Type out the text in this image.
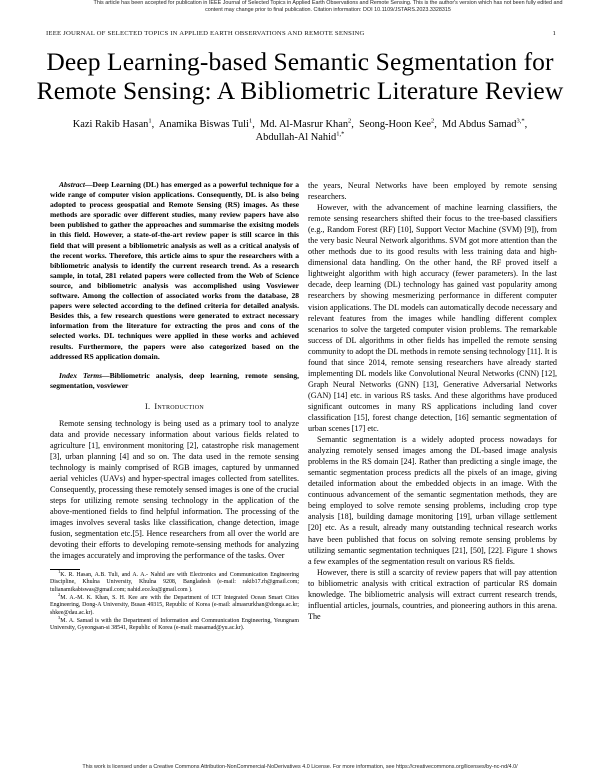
This article has been accepted for publication in IEEE Journal of Selected Topics in Applied Earth Observations and Remote Sensing. This is the author's version which has not been fully edited and
content may change prior to final publication. Citation information: DOI 10.1109/JSTARS.2023.3328315
IEEE JOURNAL OF SELECTED TOPICS IN APPLIED EARTH OBSERVATIONS AND REMOTE SENSING	1
Deep Learning-based Semantic Segmentation for
Remote Sensing: A Bibliometric Literature Review
Kazi Rakib Hasan$^1$,  Anamika Biswas Tuli$^1$,  Md. Al-Masrur Khan$^2$,  Seong-Hoon Kee$^2$,  Md Abdus Samad$^{3,*}$,
Abdullah-Al Nahid$^{1,*}$

Abstract—Deep Learning (DL) has emerged as a powerful technique for a wide range of computer vision applications. Consequently, DL is also being adopted to process geospatial and Remote Sensing (RS) images. As these methods are sporadic over different studies, many review papers have also been published to gather the approaches and summarise the exisitng models in this field. However, a state-of-the-art review paper is still scarce in this field that will present a bibliometric analysis as well as a critical analysis of the recent works. Therefore, this article aims to spur the researchers with a bibliometric analysis to identify the current research trend. As a research sample, in total, 281 related papers were collected from the Web of Science source, and bibliometric analysis was accomplished using Vosviewer software. Among the collection of associated works from the database, 28 papers were selected according to the defined criteria for detailed analysis. Besides this, a few research questions were generated to extract necessary information from the literature for extracting the pros and cons of the selected works. DL techniques were applied in these works and achieved results. Furthermore, the papers were also categorized based on the addressed RS application domain.

Index Terms—Bibliometric analysis, deep learning, remote sensing, segmentation, vosviewer

I. Introduction

Remote sensing technology is being used as a primary tool to analyze data and provide necessary information about various fields related to agriculture [1], environment monitoring [2], catastrophe risk management [3], urban planning [4] and so on. The data used in the remote sensing technology is mainly comprised of RGB images, captured by unmanned aerial vehicles (UAVs) and hyper-spectral images collected from satellites. Consequently, processing these remotely sensed images is one of the crucial steps for utilizing remote sensing technology in the application of the above-mentioned fields to find helpful information. The processing of the images involves several tasks like classification, change detection, image fusion, segmentation etc.[5]. Hence researchers from all over the world are devoting their efforts to developing remote-sensing methods for analyzing the images accurately and improving the performance of the tasks. Over

$^1$K. R. Hasan, A.B. Tuli, and A. A.- Nahid are with Electronics and Communication Engineering Discipline, Khulna University, Khulna 9208, Bangladesh (e-mail: rakib17.rh@gmail.com; tulianamikabiswas@gmail.com; nahid.ece.ku@gmail.com ).

$^2$M. A.-M. K. Khan, S. H. Kee are with the Department of ICT Integrated Ocean Smart Cities Engineering, Dong-A University, Busan 49315, Republic of Korea (e-mail: almasrurkhan@donga.ac.kr; shkee@dau.ac.kr).

$^3$M. A. Samad is with the Department of Information and Communication Engineering, Yeungnam University, Gyeongsan-si 38541, Republic of Korea (e-mail: masamad@yu.ac.kr).

the years, Neural Networks have been employed by remote sensing researchers.

However, with the advancement of machine learning classifiers, the remote sensing researchers shifted their focus to the tree-based classifiers (e.g., Random Forest (RF) [10], Support Vector Machine (SVM) [9]), from the very basic Neural Network algorithms. SVM got more attention than the other methods due to its good results with less training data and high-dimensional data handling. On the other hand, the RF proved itself a lightweight algorithm with high accuracy (fewer parameters). In the last decade, deep learning (DL) technology has gained vast popularity among researchers by showing mesmerizing performance in different computer vision applications. The DL models can automatically decode necessary and relevant features from the images while handling different complex scenarios to solve the targeted computer vision problems. The remarkable success of DL algorithms in other fields has impelled the remote sensing community to adopt the DL methods in remote sensing technology [11]. It is found that since 2014, remote sensing researchers have already started implementing DL models like Convolutional Neural Networks (CNN) [12], Graph Neural Networks (GNN) [13], Generative Adversarial Networks (GAN) [14] etc. in various RS tasks. And these algorithms have produced significant outcomes in many RS applications including land cover classification [15], forest change detection, [16] semantic segmentation of urban scenes [17] etc.

Semantic segmentation is a widely adopted process nowadays for analyzing remotely sensed images among the DL-based image analysis problems in the RS domain [24]. Rather than predicting a single image, the semantic segmentation process predicts all the pixels of an image, giving detailed information about the embedded objects in an image. With the continuous advancement of the semantic segmentation methods, they are being employed to solve remote sensing problems, including crop type analysis [18], building damage monitoring [19], urban village settlement [20] etc. As a result, already many outstanding technical research works have been published that focus on solving remote sensing problems by utilizing semantic segmentation techniques [21], [50], [22]. Figure 1 shows a few examples of the segmentation result on various RS fields.

However, there is still a scarcity of review papers that will pay attention to bibliometric analysis with critical extraction of particular RS domain knowledge. The bibliometric analysis will extract current research trends, influential articles, journals, countries, and pioneering authors in this arena. The

This work is licensed under a Creative Commons Attribution-NonCommercial-NoDerivatives 4.0 License. For more information, see https://creativecommons.org/licenses/by-nc-nd/4.0/
